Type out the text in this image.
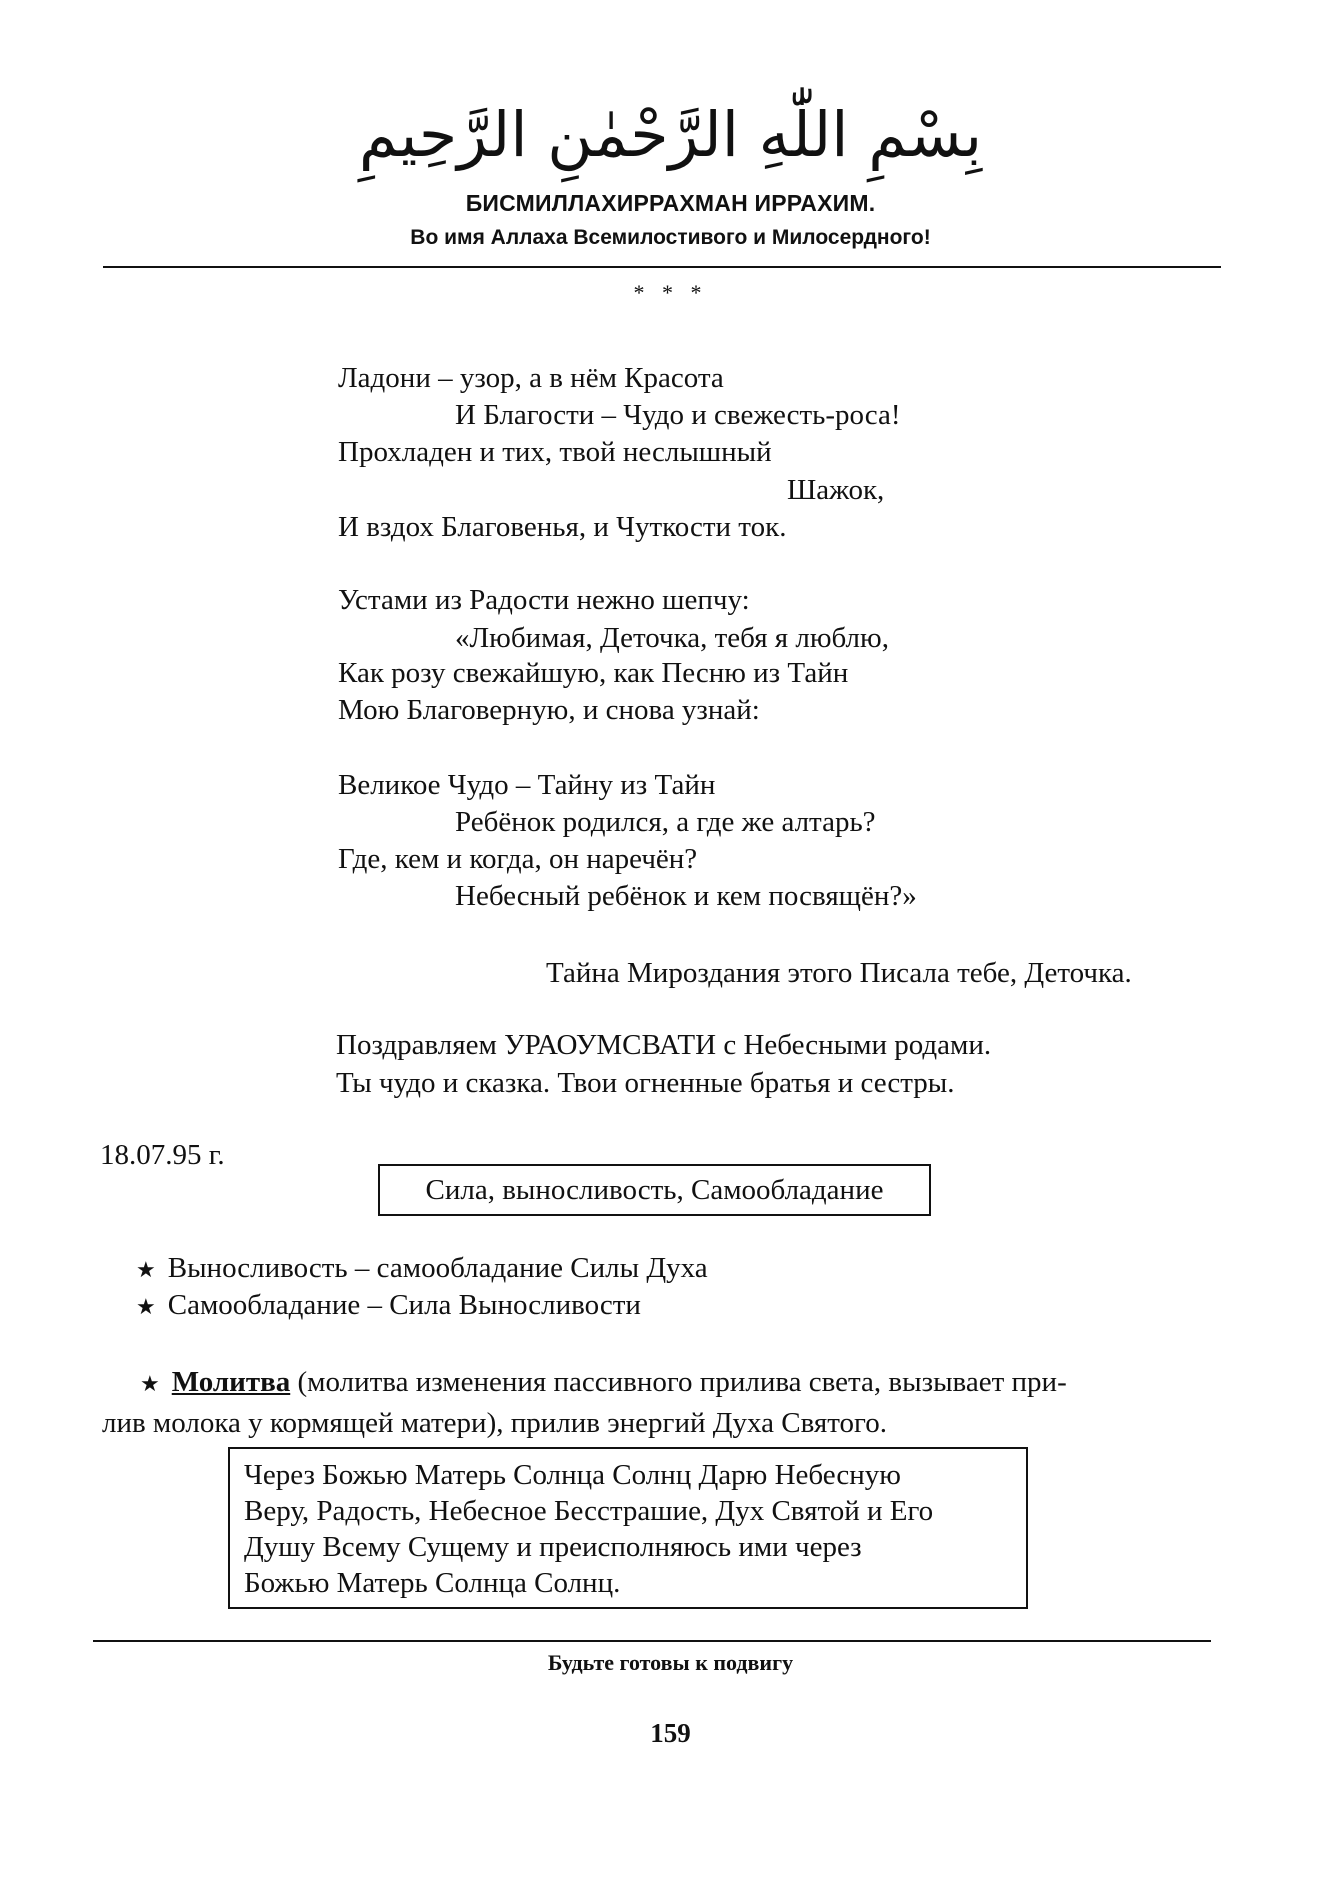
بِسْمِ اللّٰهِ الرَّحْمٰنِ الرَّحِيمِ
БИСМИЛЛАХИРРАХМАН ИРРАХИМ.
Во имя Аллаха Всемилостивого и Милосердного!
* * *
Ладони – узор, а в нём Красота
И Благости – Чудо и свежесть-роса!
Прохладен и тих, твой неслышный
Шажок,
И вздох Благовенья, и Чуткости ток.
Устами из Радости нежно шепчу:
«Любимая, Деточка, тебя я люблю,
Как розу свежайшую, как Песню из Тайн
Мою Благоверную, и снова узнай:
Великое Чудо – Тайну из Тайн
Ребёнок родился, а где же алтарь?
Где, кем и когда, он наречён?
Небесный ребёнок и кем посвящён?»
Тайна Мироздания этого Писала тебе, Деточка.
Поздравляем УРАОУМСВАТИ с Небесными родами.
Ты чудо и сказка. Твои огненные братья и сестры.
18.07.95 г.
Сила, выносливость, Самообладание
★ Выносливость – самообладание Силы Духа
★ Самообладание – Сила Выносливости
★ Молитва (молитва изменения пассивного прилива света, вызывает при-
лив молока у кормящей матери), прилив энергий Духа Святого.
Через Божью Матерь Солнца Солнц Дарю Небесную
Веру, Радость, Небесное Бесстрашие, Дух Святой и Его
Душу Всему Сущему и преисполняюсь ими через
Божью Матерь Солнца Солнц.
Будьте готовы к подвигу
159
